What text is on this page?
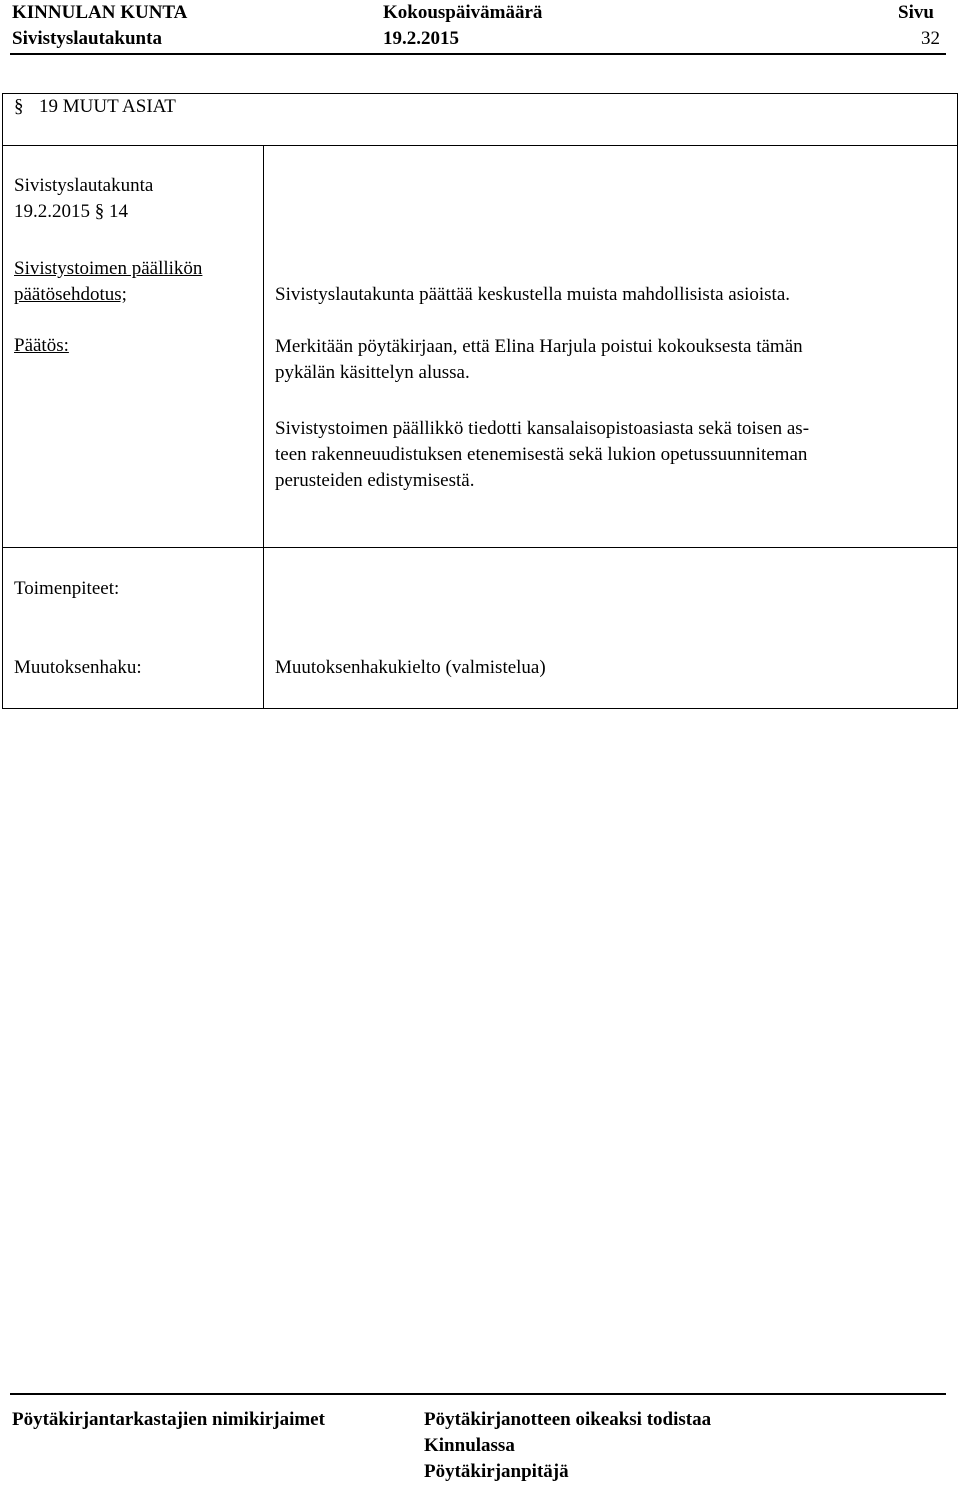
KINNULAN KUNTA
Sivistyslautakunta
Kokouspäivämäärä
19.2.2015
Sivu
32
§ 19 MUUT ASIAT
Sivistyslautakunta
19.2.2015 § 14
Sivistystoimen päällikön
päätösehdotus;	Sivistyslautakunta päättää keskustella muista mahdollisista asioista.
Päätös:	Merkitään pöytäkirjaan, että Elina Harjula poistui kokouksesta tämän
pykälän käsittelyn alussa.
Sivistystoimen päällikkö tiedotti kansalaisopistoasiasta sekä toisen as-
teen rakenneuudistuksen etenemisestä sekä lukion opetussuunniteman
perusteiden edistymisestä.
Toimenpiteet:
Muutoksenhaku:	Muutoksenhakukielto (valmistelua)
Pöytäkirjantarkastajien nimikirjaimet	Pöytäkirjanotteen oikeaksi todistaa
Kinnulassa
Pöytäkirjanpitäjä
